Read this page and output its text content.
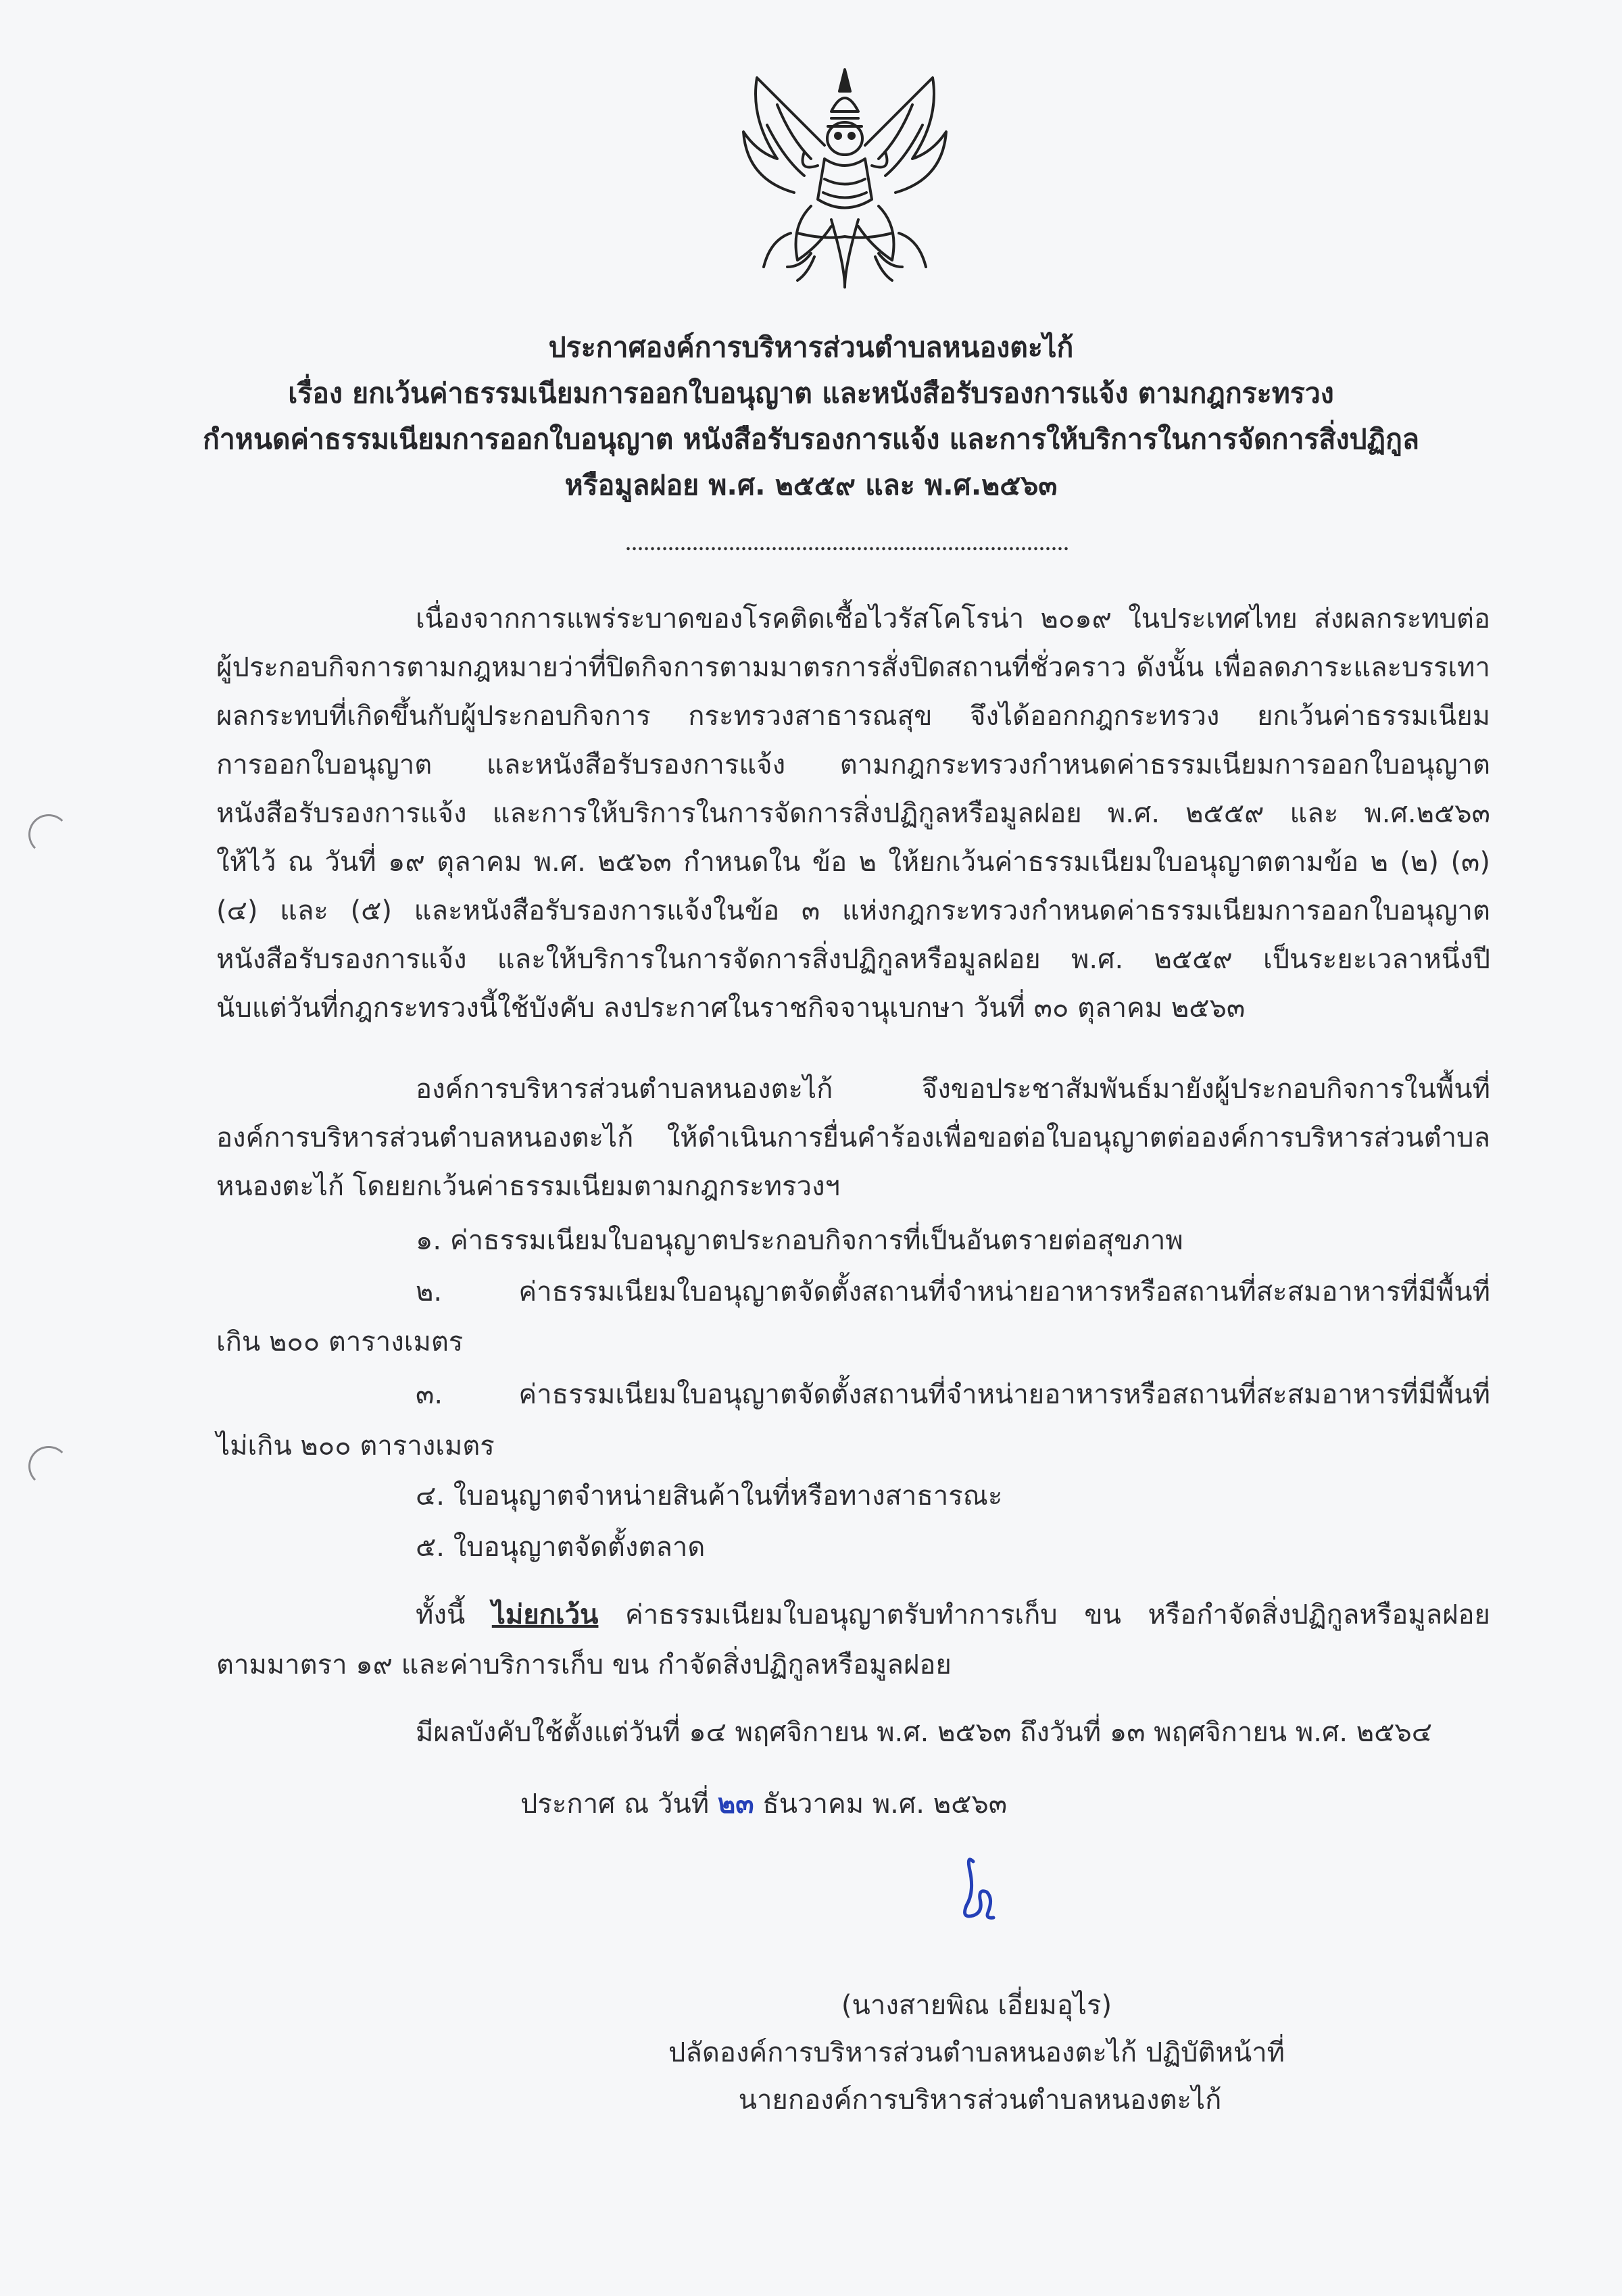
ประกาศองค์การบริหารส่วนตำบลหนองตะไก้
เรื่อง ยกเว้นค่าธรรมเนียมการออกใบอนุญาต และหนังสือรับรองการแจ้ง ตามกฎกระทรวง
กำหนดค่าธรรมเนียมการออกใบอนุญาต หนังสือรับรองการแจ้ง และการให้บริการในการจัดการสิ่งปฏิกูล
หรือมูลฝอย พ.ศ. ๒๕๕๙ และ พ.ศ.๒๕๖๓
เนื่องจากการแพร่ระบาดของโรคติดเชื้อไวรัสโคโรน่า ๒๐๑๙ ในประเทศไทย ส่งผลกระทบต่อ
ผู้ประกอบกิจการตามกฎหมายว่าที่ปิดกิจการตามมาตรการสั่งปิดสถานที่ชั่วคราว ดังนั้น เพื่อลดภาระและบรรเทา
ผลกระทบที่เกิดขึ้นกับผู้ประกอบกิจการ กระทรวงสาธารณสุข จึงได้ออกกฎกระทรวง ยกเว้นค่าธรรมเนียม
การออกใบอนุญาต และหนังสือรับรองการแจ้ง ตามกฎกระทรวงกำหนดค่าธรรมเนียมการออกใบอนุญาต
หนังสือรับรองการแจ้ง และการให้บริการในการจัดการสิ่งปฏิกูลหรือมูลฝอย พ.ศ. ๒๕๕๙ และ พ.ศ.๒๕๖๓
ให้ไว้ ณ วันที่ ๑๙ ตุลาคม พ.ศ. ๒๕๖๓ กำหนดใน ข้อ ๒ ให้ยกเว้นค่าธรรมเนียมใบอนุญาตตามข้อ ๒ (๒) (๓)
(๔) และ (๕) และหนังสือรับรองการแจ้งในข้อ ๓ แห่งกฎกระทรวงกำหนดค่าธรรมเนียมการออกใบอนุญาต
หนังสือรับรองการแจ้ง และให้บริการในการจัดการสิ่งปฏิกูลหรือมูลฝอย พ.ศ. ๒๕๕๙ เป็นระยะเวลาหนึ่งปี
นับแต่วันที่กฎกระทรวงนี้ใช้บังคับ ลงประกาศในราชกิจจานุเบกษา วันที่ ๓๐ ตุลาคม ๒๕๖๓
องค์การบริหารส่วนตำบลหนองตะไก้ จึงขอประชาสัมพันธ์มายังผู้ประกอบกิจการในพื้นที่
องค์การบริหารส่วนตำบลหนองตะไก้ ให้ดำเนินการยื่นคำร้องเพื่อขอต่อใบอนุญาตต่อองค์การบริหารส่วนตำบล
หนองตะไก้ โดยยกเว้นค่าธรรมเนียมตามกฎกระทรวงฯ
๑. ค่าธรรมเนียมใบอนุญาตประกอบกิจการที่เป็นอันตรายต่อสุขภาพ
๒. ค่าธรรมเนียมใบอนุญาตจัดตั้งสถานที่จำหน่ายอาหารหรือสถานที่สะสมอาหารที่มีพื้นที่
เกิน ๒๐๐ ตารางเมตร
๓. ค่าธรรมเนียมใบอนุญาตจัดตั้งสถานที่จำหน่ายอาหารหรือสถานที่สะสมอาหารที่มีพื้นที่
ไม่เกิน ๒๐๐ ตารางเมตร
๔. ใบอนุญาตจำหน่ายสินค้าในที่หรือทางสาธารณะ
๕. ใบอนุญาตจัดตั้งตลาด
ทั้งนี้ ไม่ยกเว้น ค่าธรรมเนียมใบอนุญาตรับทำการเก็บ ขน หรือกำจัดสิ่งปฏิกูลหรือมูลฝอย
ตามมาตรา ๑๙ และค่าบริการเก็บ ขน กำจัดสิ่งปฏิกูลหรือมูลฝอย
มีผลบังคับใช้ตั้งแต่วันที่ ๑๔ พฤศจิกายน พ.ศ. ๒๕๖๓ ถึงวันที่ ๑๓ พฤศจิกายน พ.ศ. ๒๕๖๔
ประกาศ ณ วันที่ ๒๓ ธันวาคม พ.ศ. ๒๕๖๓
(นางสายพิณ เอี่ยมอุไร)
ปลัดองค์การบริหารส่วนตำบลหนองตะไก้ ปฏิบัติหน้าที่
นายกองค์การบริหารส่วนตำบลหนองตะไก้
